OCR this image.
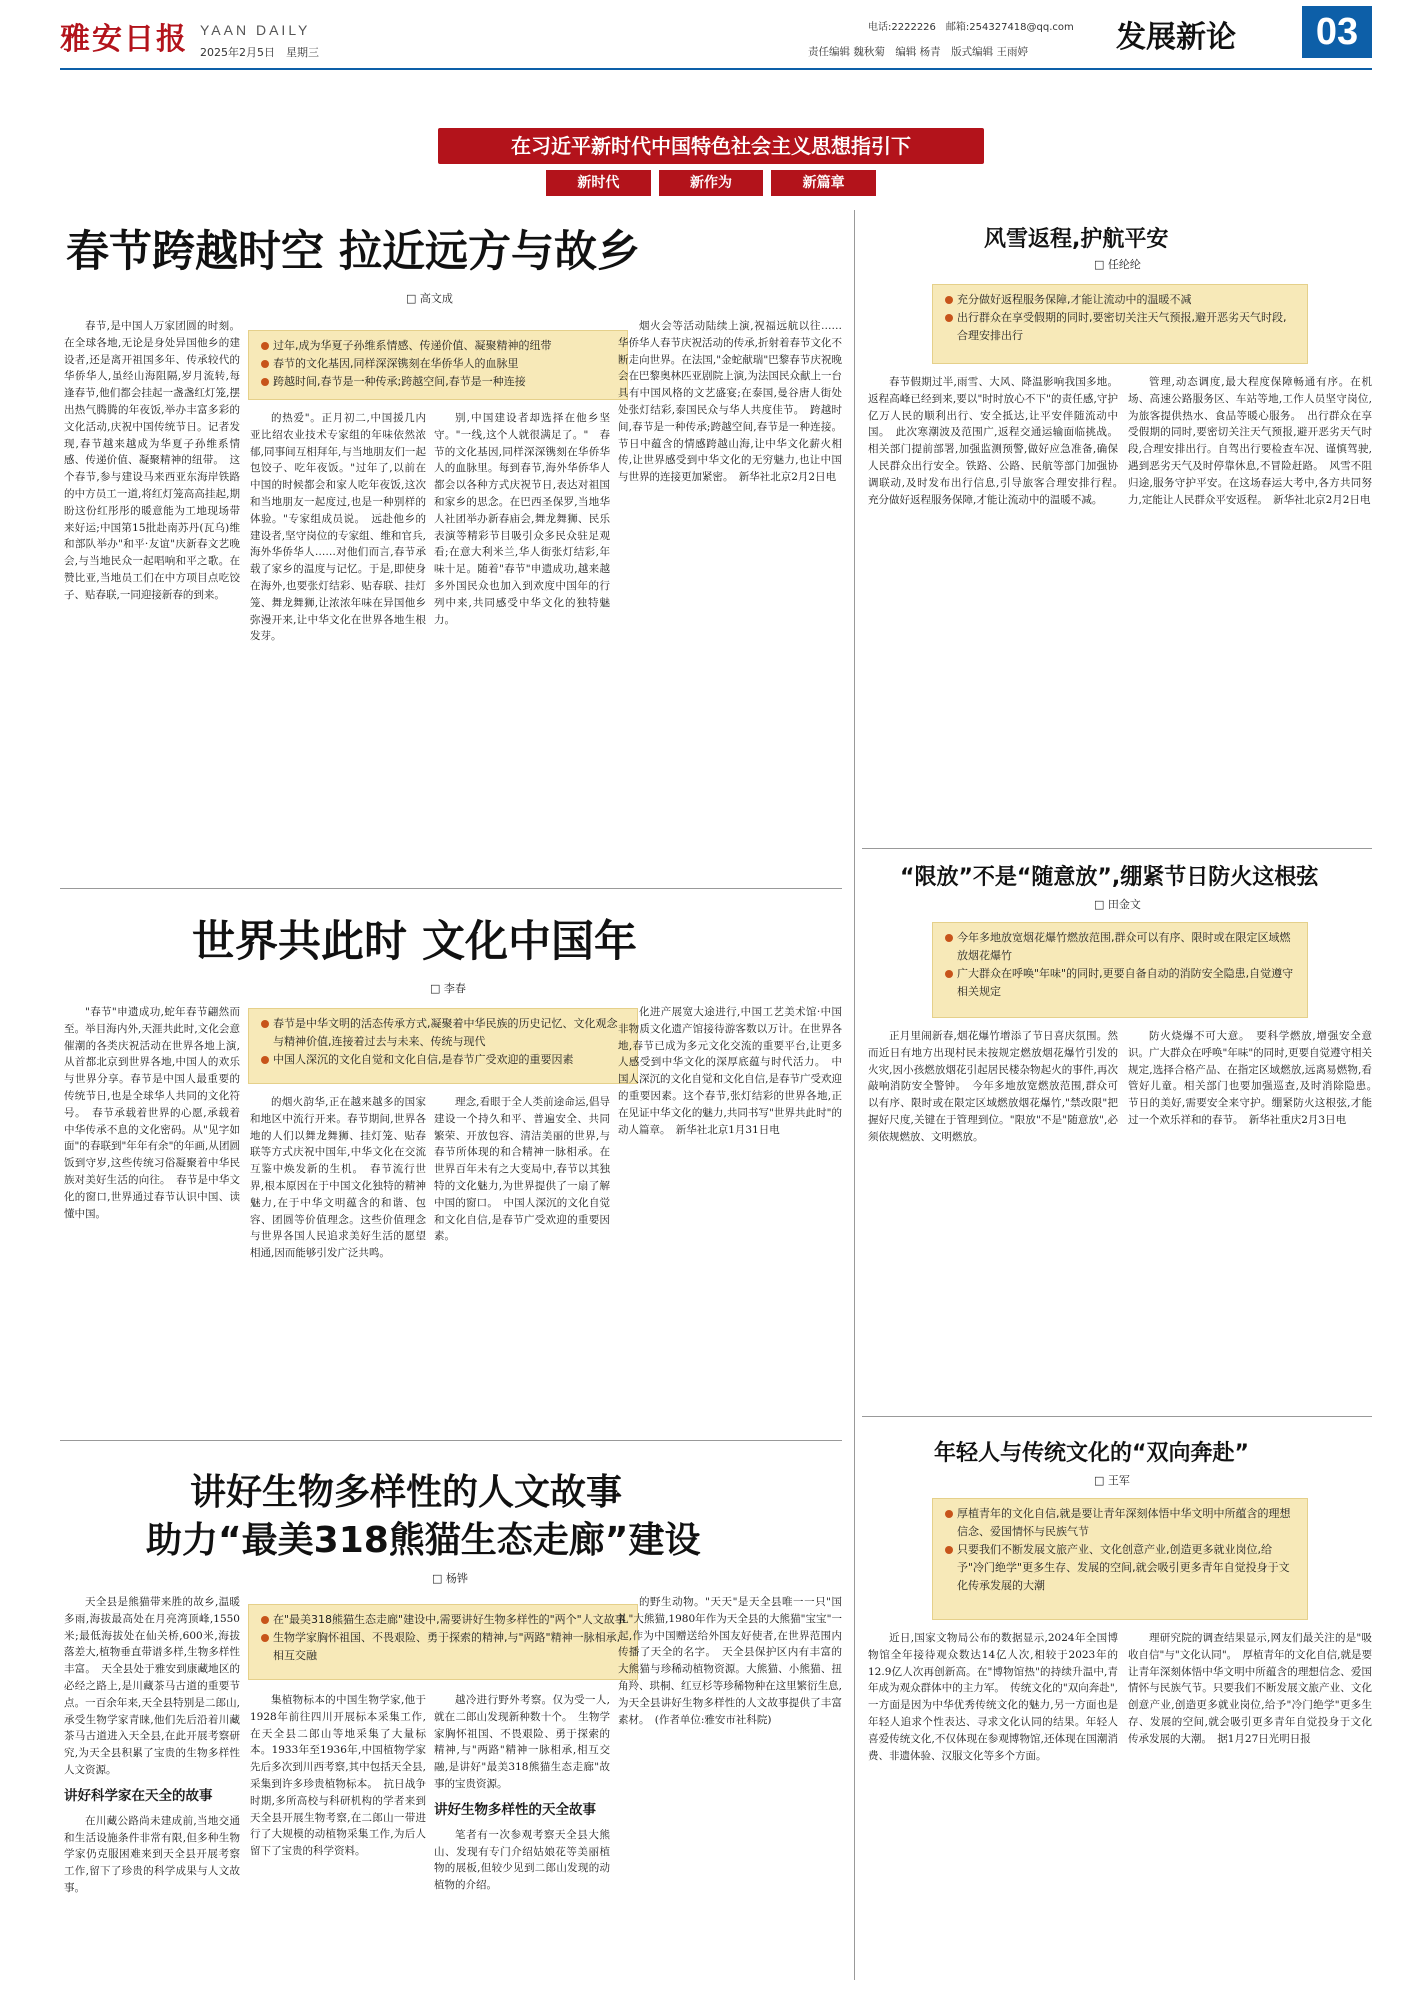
雅安日报 YAAN DAILY
2025年2月5日　 星期三
电话:2222226　邮箱:254327418@qq.com
责任编辑 魏秋菊　编辑 杨青　版式编辑 王雨婷	发展新论	03
在习近平新时代中国特色社会主义思想指引下
新时代	新作为	新篇章
春节跨越时空 拉近远方与故乡
□ 高文成

春节,是中国人万家团圆的时刻。在全球各地,无论是身处异国他乡的建设者,还是离开祖国多年、传承较代的华侨华人,虽经山海阻隔,岁月流转,每逢春节,他们都会挂起一盏盏红灯笼,摆出热气腾腾的年夜饭,举办丰富多彩的文化活动,庆祝中国传统节日。记者发现,春节越来越成为华夏子孙维系情感、传递价值、凝聚精神的纽带。　这个春节,参与建设马来西亚东海岸铁路的中方员工一道,将红灯笼高高挂起,期盼这份红彤彤的暖意能为工地现场带来好运;中国第15批赴南苏丹(瓦乌)维和部队举办"和平·友谊"庆新春文艺晚会,与当地民众一起唱响和平之歌。在赞比亚,当地员工们在中方项目点吃饺子、贴春联,一同迎接新春的到来。

过年,成为华夏子孙维系情感、传递价值、凝聚精神的纽带
春节的文化基因,同样深深镌刻在华侨华人的血脉里
跨越时间,春节是一种传承;跨越空间,春节是一种连接

的热爱"。正月初二,中国援几内亚比绍农业技术专家组的年味依然浓郁,同事间互相拜年,与当地朋友们一起包饺子、吃年夜饭。"过年了,以前在中国的时候都会和家人吃年夜饭,这次和当地朋友一起度过,也是一种别样的体验。"专家组成员说。　远赴他乡的建设者,坚守岗位的专家组、维和官兵,海外华侨华人……对他们而言,春节承载了家乡的温度与记忆。于是,即使身在海外,也要张灯结彩、贴春联、挂灯笼、舞龙舞狮,让浓浓年味在异国他乡弥漫开来,让中华文化在世界各地生根发芽。

别,中国建设者却选择在他乡坚守。"一线,这个人就很满足了。"　春节的文化基因,同样深深镌刻在华侨华人的血脉里。每到春节,海外华侨华人都会以各种方式庆祝节日,表达对祖国和家乡的思念。在巴西圣保罗,当地华人社团举办新春庙会,舞龙舞狮、民乐表演等精彩节目吸引众多民众驻足观看;在意大利米兰,华人街张灯结彩,年味十足。随着"春节"申遗成功,越来越多外国民众也加入到欢度中国年的行列中来,共同感受中华文化的独特魅力。

烟火会等活动陆续上演,祝福远航以往……　华侨华人春节庆祝活动的传承,折射着春节文化不断走向世界。在法国,"金蛇献瑞"巴黎春节庆祝晚会在巴黎奥林匹亚剧院上演,为法国民众献上一台具有中国风格的文艺盛宴;在泰国,曼谷唐人街处处张灯结彩,泰国民众与华人共度佳节。　跨越时间,春节是一种传承;跨越空间,春节是一种连接。节日中蕴含的情感跨越山海,让中华文化薪火相传,让世界感受到中华文化的无穷魅力,也让中国与世界的连接更加紧密。　新华社北京2月2日电

世界共此时 文化中国年
□ 李春

"春节"申遗成功,蛇年春节翩然而至。举目海内外,天涯共此时,文化会意催潮的各类庆祝活动在世界各地上演,从首都北京到世界各地,中国人的欢乐与世界分享。春节是中国人最重要的传统节日,也是全球华人共同的文化符号。　春节承载着世界的心愿,承载着中华传承不息的文化密码。从"见字如面"的春联到"年年有余"的年画,从团圆饭到守岁,这些传统习俗凝聚着中华民族对美好生活的向往。　春节是中华文化的窗口,世界通过春节认识中国、读懂中国。

春节是中华文明的活态传承方式,凝聚着中华民族的历史记忆、文化观念与精神价值,连接着过去与未来、传统与现代
中国人深沉的文化自觉和文化自信,是春节广受欢迎的重要因素

的烟火韵华,正在越来越多的国家和地区中流行开来。春节期间,世界各地的人们以舞龙舞狮、挂灯笼、贴春联等方式庆祝中国年,中华文化在交流互鉴中焕发新的生机。　春节流行世界,根本原因在于中国文化独特的精神魅力,在于中华文明蕴含的和谐、包容、团圆等价值理念。这些价值理念与世界各国人民追求美好生活的愿望相通,因而能够引发广泛共鸣。

理念,看眼于全人类前途命运,倡导建设一个持久和平、普遍安全、共同繁荣、开放包容、清洁美丽的世界,与春节所体现的和合精神一脉相承。在世界百年未有之大变局中,春节以其独特的文化魅力,为世界提供了一扇了解中国的窗口。　中国人深沉的文化自觉和文化自信,是春节广受欢迎的重要因素。

化进产展宽大途进行,中国工艺美术馆·中国非物质文化遗产馆接待游客数以万计。在世界各地,春节已成为多元文化交流的重要平台,让更多人感受到中华文化的深厚底蕴与时代活力。　中国人深沉的文化自觉和文化自信,是春节广受欢迎的重要因素。这个春节,张灯结彩的世界各地,正在见证中华文化的魅力,共同书写"世界共此时"的动人篇章。　新华社北京1月31日电

讲好生物多样性的人文故事
助力“最美318熊猫生态走廊”建设
□ 杨铧

天全县是熊猫带来胜的故乡,温暖多雨,海拔最高处在月亮湾顶峰,1550米;最低海拔处在仙关桥,600米,海拔落差大,植物垂直带谱多样,生物多样性丰富。　天全县处于雅安到康藏地区的必经之路上,是川藏茶马古道的重要节点。一百余年来,天全县特别是二郎山,承受生物学家青睐,他们先后沿着川藏茶马古道进入天全县,在此开展考察研究,为天全县积累了宝贵的生物多样性人文资源。

讲好科学家在天全的故事

在川藏公路尚未建成前,当地交通和生活设施条件非常有限,但多种生物学家仍克服困难来到天全县开展考察工作,留下了珍贵的科学成果与人文故事。

在"最美318熊猫生态走廊"建设中,需要讲好生物多样性的"两个"人文故事
生物学家胸怀祖国、不畏艰险、勇于探索的精神,与"两路"精神一脉相承,相互交融

集植物标本的中国生物学家,他于1928年前往四川开展标本采集工作,在天全县二郎山等地采集了大量标本。1933年至1936年,中国植物学家先后多次到川西考察,其中包括天全县,采集到许多珍贵植物标本。　抗日战争时期,多所高校与科研机构的学者来到天全县开展生物考察,在二郎山一带进行了大规模的动植物采集工作,为后人留下了宝贵的科学资料。

越冷进行野外考察。仅为受一人,就在二郎山发现新种数十个。　生物学家胸怀祖国、不畏艰险、勇于探索的精神,与"两路"精神一脉相承,相互交融,是讲好"最美318熊猫生态走廊"故事的宝贵资源。

讲好生物多样性的天全故事

笔者有一次参观考察天全县大熊山、发现有专门介绍姑娘花等美丽植物的展板,但较少见到二郎山发现的动植物的介绍。

的野生动物。"天天"是天全县唯一一只"国礼"大熊猫,1980年作为天全县的大熊猫"宝宝"一起,作为中国赠送给外国友好使者,在世界范围内传播了天全的名字。　天全县保护区内有丰富的大熊猫与珍稀动植物资源。大熊猫、小熊猫、扭角羚、珙桐、红豆杉等珍稀物种在这里繁衍生息,为天全县讲好生物多样性的人文故事提供了丰富素材。　(作者单位:雅安市社科院)

风雪返程,护航平安
□ 任纶纶
充分做好返程服务保障,才能让流动中的温暖不减
出行群众在享受假期的同时,要密切关注天气预报,避开恶劣天气时段,合理安排出行

春节假期过半,雨雪、大风、降温影响我国多地。返程高峰已经到来,要以"时时放心不下"的责任感,守护亿万人民的顺利出行、安全抵达,让平安伴随流动中国。　此次寒潮波及范围广,返程交通运输面临挑战。相关部门提前部署,加强监测预警,做好应急准备,确保人民群众出行安全。铁路、公路、民航等部门加强协调联动,及时发布出行信息,引导旅客合理安排行程。　充分做好返程服务保障,才能让流动中的温暖不减。

管理,动态调度,最大程度保障畅通有序。在机场、高速公路服务区、车站等地,工作人员坚守岗位,为旅客提供热水、食品等暖心服务。　出行群众在享受假期的同时,要密切关注天气预报,避开恶劣天气时段,合理安排出行。自驾出行要检查车况、谨慎驾驶,遇到恶劣天气及时停靠休息,不冒险赶路。　风雪不阻归途,服务守护平安。在这场春运大考中,各方共同努力,定能让人民群众平安返程。　新华社北京2月2日电

“限放”不是“随意放”,绷紧节日防火这根弦
□ 田金文
今年多地放宽烟花爆竹燃放范围,群众可以有序、限时或在限定区域燃放烟花爆竹
广大群众在呼唤"年味"的同时,更要自备自动的消防安全隐患,自觉遵守相关规定

正月里闹新春,烟花爆竹增添了节日喜庆氛围。然而近日有地方出现村民未按规定燃放烟花爆竹引发的火灾,因小孩燃放烟花引起居民楼杂物起火的事件,再次敲响消防安全警钟。　今年多地放宽燃放范围,群众可以有序、限时或在限定区域燃放烟花爆竹,"禁改限"把握好尺度,关键在于管理到位。"限放"不是"随意放",必须依规燃放、文明燃放。

防火烧爆不可大意。　要科学燃放,增强安全意识。广大群众在呼唤"年味"的同时,更要自觉遵守相关规定,选择合格产品、在指定区域燃放,远离易燃物,看管好儿童。相关部门也要加强巡查,及时消除隐患。　节日的美好,需要安全来守护。绷紧防火这根弦,才能过一个欢乐祥和的春节。　新华社重庆2月3日电

年轻人与传统文化的“双向奔赴”
□ 王军
厚植青年的文化自信,就是要让青年深刻体悟中华文明中所蕴含的理想信念、爱国情怀与民族气节
只要我们不断发展文旅产业、文化创意产业,创造更多就业岗位,给予"冷门绝学"更多生存、发展的空间,就会吸引更多青年自觉投身于文化传承发展的大潮

近日,国家文物局公布的数据显示,2024年全国博物馆全年接待观众数达14亿人次,相较于2023年的12.9亿人次再创新高。在"博物馆热"的持续升温中,青年成为观众群体中的主力军。　传统文化的"双向奔赴",一方面是因为中华优秀传统文化的魅力,另一方面也是年轻人追求个性表达、寻求文化认同的结果。年轻人喜爱传统文化,不仅体现在参观博物馆,还体现在国潮消费、非遗体验、汉服文化等多个方面。

理研究院的调查结果显示,网友们最关注的是"吸收自信"与"文化认同"。　厚植青年的文化自信,就是要让青年深刻体悟中华文明中所蕴含的理想信念、爱国情怀与民族气节。只要我们不断发展文旅产业、文化创意产业,创造更多就业岗位,给予"冷门绝学"更多生存、发展的空间,就会吸引更多青年自觉投身于文化传承发展的大潮。　据1月27日光明日报
